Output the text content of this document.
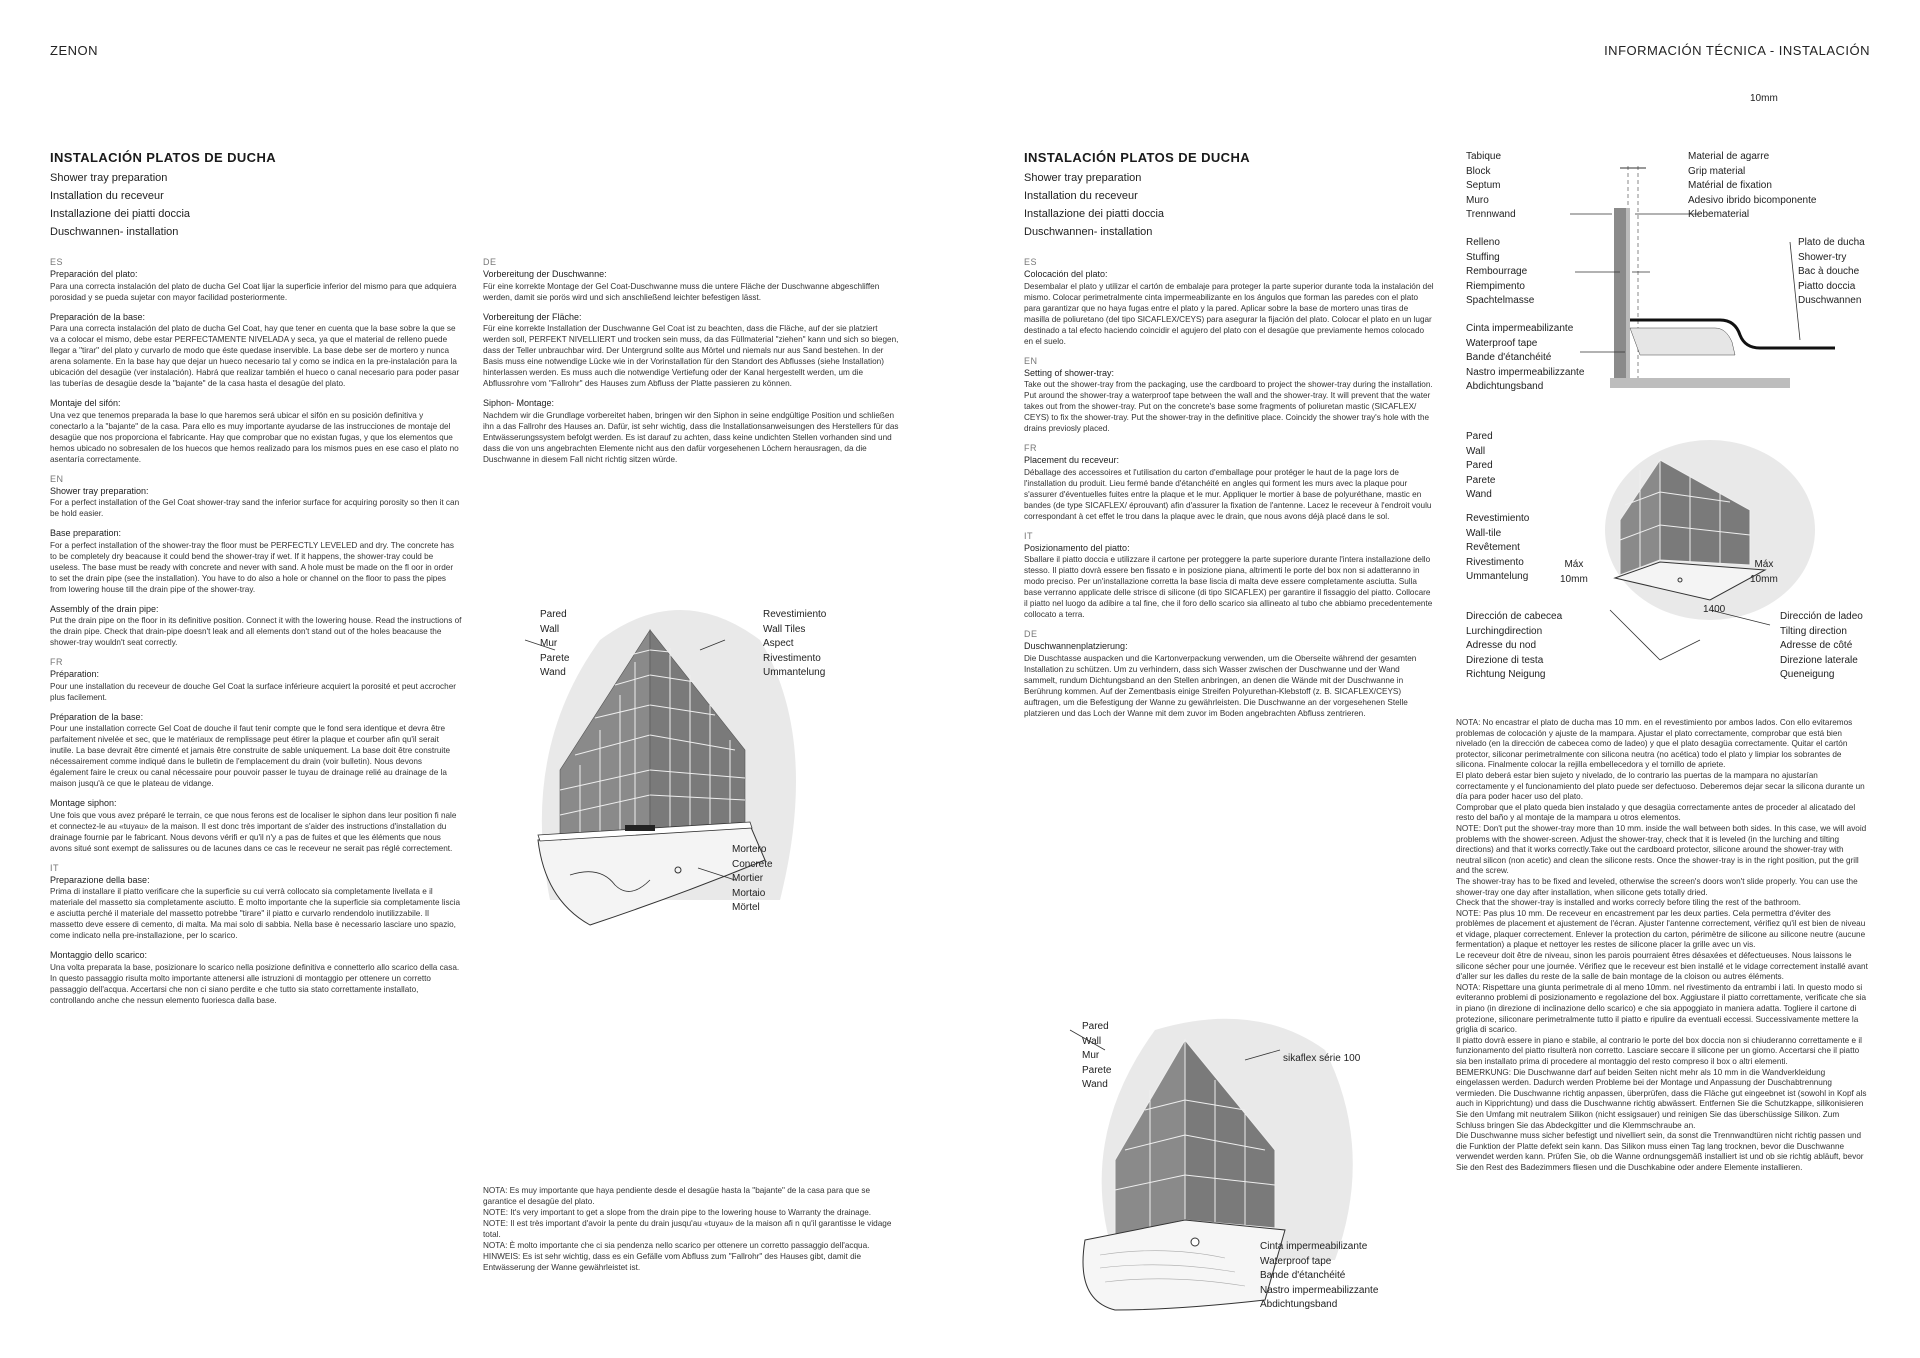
ZENON	INFORMACIÓN TÉCNICA - INSTALACIÓN
INSTALACIÓN PLATOS DE DUCHA
Shower tray preparation
Installation du receveur
Installazione dei piatti doccia
Duschwannen- installation
ES
Preparación del plato:
Para una correcta instalación del plato de ducha Gel Coat lijar la superficie inferior del mismo para que adquiera porosidad y se pueda sujetar con mayor facilidad posteriormente.
Preparación de la base:
Para una correcta instalación del plato de ducha Gel Coat, hay que tener en cuenta que la base sobre la que se va a colocar el mismo, debe estar PERFECTAMENTE NIVELADA y seca, ya que el material de relleno puede llegar a "tirar" del plato y curvarlo de modo que éste quedase inservible. La base debe ser de mortero y nunca arena solamente. En la base hay que dejar un hueco necesario tal y como se indica en la pre-instalación para la ubicación del desagüe (ver instalación). Habrá que realizar también el hueco o canal necesario para poder pasar las tuberías de desagüe desde la "bajante" de la casa hasta el desagüe del plato.
Montaje del sifón:
Una vez que tenemos preparada la base lo que haremos será ubicar el sifón en su posición definitiva y conectarlo a la "bajante" de la casa. Para ello es muy importante ayudarse de las instrucciones de montaje del desagüe que nos proporciona el fabricante. Hay que comprobar que no existan fugas, y que los elementos que hemos ubicado no sobresalen de los huecos que hemos realizado para los mismos pues en ese caso el plato no asentaría correctamente.
EN
Shower tray preparation:
For a perfect installation of the Gel Coat shower-tray sand the inferior surface for acquiring porosity so then it can be hold easier.
Base preparation:
For a perfect installation of the shower-tray the floor must be PERFECTLY LEVELED and dry. The concrete has to be completely dry beacause it could bend the shower-tray if wet. If it happens, the shower-tray could be useless. The base must be ready with concrete and never with sand. A hole must be made on the fl oor in order to set the drain pipe (see the installation). You have to do also a hole or channel on the floor to pass the pipes from lowering house till the drain pipe of the shower-tray.
Assembly of the drain pipe:
Put the drain pipe on the floor in its definitive position. Connect it with the lowering house. Read the instructions of the drain pipe. Check that drain-pipe doesn't leak and all elements don't stand out of the holes beacause the shower-tray wouldn't seat correctly.
FR
Préparation:
Pour une installation du receveur de douche Gel Coat la surface inférieure acquiert la porosité et peut accrocher plus facilement.
Préparation de la base:
Pour une installation correcte Gel Coat de douche il faut tenir compte que le fond sera identique et devra être parfaitement nivelée et sec, que le matériaux de remplissage peut étirer la plaque et courber afin qu'il serait inutile. La base devrait être cimenté et jamais être construite de sable uniquement. La base doit être construite nécessairement comme indiqué dans le bulletin de l'emplacement du drain (voir bulletin). Nous devons également faire le creux ou canal nécessaire pour pouvoir passer le tuyau de drainage relié au drainage de la maison jusqu'à ce que le plateau de vidange.
Montage siphon:
Une fois que vous avez préparé le terrain, ce que nous ferons est de localiser le siphon dans leur position fi nale et connectez-le au «tuyau» de la maison. Il est donc très important de s'aider des instructions d'installation du drainage fournie par le fabricant. Nous devons vérifi er qu'il n'y a pas de fuites et que les éléments que nous avons situé sont exempt de salissures ou de lacunes dans ce cas le receveur ne serait pas réglé correctement.
IT
Preparazione della base:
Prima di installare il piatto verificare che la superficie su cui verrà collocato sia completamente livellata e il materiale del massetto sia completamente asciutto. È molto importante che la superficie sia completamente liscia e asciutta perché il materiale del massetto potrebbe "tirare" il piatto e curvarlo rendendolo inutilizzabile. Il massetto deve essere di cemento, di malta. Ma mai solo di sabbia. Nella base è necessario lasciare uno spazio, come indicato nella pre-installazione, per lo scarico.
Montaggio dello scarico:
Una volta preparata la base, posizionare lo scarico nella posizione definitiva e connetterlo allo scarico della casa. In questo passaggio risulta molto importante attenersi alle istruzioni di montaggio per ottenere un corretto passaggio dell'acqua. Accertarsi che non ci siano perdite e che tutto sia stato correttamente installato, controllando anche che nessun elemento fuoriesca dalla base.
DE
Vorbereitung der Duschwanne:
Für eine korrekte Montage der Gel Coat-Duschwanne muss die untere Fläche der Duschwanne abgeschliffen werden, damit sie porös wird und sich anschließend leichter befestigen lässt.
Vorbereitung der Fläche:
Für eine korrekte Installation der Duschwanne Gel Coat ist zu beachten, dass die Fläche, auf der sie platziert werden soll, PERFEKT NIVELLIERT und trocken sein muss, da das Füllmaterial "ziehen" kann und sich so biegen, dass der Teller unbrauchbar wird. Der Untergrund sollte aus Mörtel und niemals nur aus Sand bestehen. In der Basis muss eine notwendige Lücke wie in der Vorinstallation für den Standort des Abflusses (siehe Installation) hinterlassen werden. Es muss auch die notwendige Vertiefung oder der Kanal hergestellt werden, um die Abflussrohre vom "Fallrohr" des Hauses zum Abfluss der Platte passieren zu können.
Siphon- Montage:
Nachdem wir die Grundlage vorbereitet haben, bringen wir den Siphon in seine endgültige Position und schließen ihn a das Fallrohr des Hauses an. Dafür, ist sehr wichtig, dass die Installationsanweisungen des Herstellers für das Entwässerungssystem befolgt werden. Es ist darauf zu achten, dass keine undichten Stellen vorhanden sind und dass die von uns angebrachten Elemente nicht aus den dafür vorgesehenen Löchern herausragen, da die Duschwanne in diesem Fall nicht richtig sitzen würde.
Pared
Wall
Mur
Parete
Wand
Revestimiento
Wall Tiles
Aspect
Rivestimento
Ummantelung
Mortero
Concrete
Mortier
Mortaio
Mörtel
NOTA: Es muy importante que haya pendiente desde el desagüe hasta la "bajante" de la casa para que se garantice el desagüe del plato.
NOTE: It's very important to get a slope from the drain pipe to the lowering house to Warranty the drainage.
NOTE: Il est très important d'avoir la pente du drain jusqu'au «tuyau» de la maison afi n qu'il garantisse le vidage total.
NOTA: È molto importante che ci sia pendenza nello scarico per ottenere un corretto passaggio dell'acqua.
HINWEIS: Es ist sehr wichtig, dass es ein Gefälle vom Abfluss zum "Fallrohr" des Hauses gibt, damit die Entwässerung der Wanne gewährleistet ist.
INSTALACIÓN PLATOS DE DUCHA
Shower tray preparation
Installation du receveur
Installazione dei piatti doccia
Duschwannen- installation
ES
Colocación del plato:
Desembalar el plato y utilizar el cartón de embalaje para proteger la parte superior durante toda la instalación del mismo. Colocar perimetralmente cinta impermeabilizante en los ángulos que forman las paredes con el plato para garantizar que no haya fugas entre el plato y la pared. Aplicar sobre la base de mortero unas tiras de masilla de poliuretano (del tipo SICAFLEX/CEYS) para asegurar la fijación del plato. Colocar el plato en un lugar destinado a tal efecto haciendo coincidir el agujero del plato con el desagüe que previamente hemos colocado en el suelo.
EN
Setting of shower-tray:
Take out the shower-tray from the packaging, use the cardboard to project the shower-tray during the installation. Put around the shower-tray a waterproof tape between the wall and the shower-tray. It will prevent that the water takes out from the shower-tray. Put on the concrete's base some fragments of poliuretan mastic (SICAFLEX/ CEYS) to fix the shower-tray. Put the shower-tray in the definitive place. Coincidy the shower tray's hole with the drains previosly placed.
FR
Placement du receveur:
Déballage des accessoires et l'utilisation du carton d'emballage pour protéger le haut de la page lors de l'installation du produit. Lieu fermé bande d'étanchéité en angles qui forment les murs avec la plaque pour s'assurer d'éventuelles fuites entre la plaque et le mur. Appliquer le mortier à base de polyuréthane, mastic en bandes (de type SICAFLEX/ éprouvant) afin d'assurer la fixation de l'antenne. Lacez le receveur à l'endroit voulu correspondant à cet effet le trou dans la plaque avec le drain, que nous avons déjà placé dans le sol.
IT
Posizionamento del piatto:
Sballare il piatto doccia e utilizzare il cartone per proteggere la parte superiore durante l'intera installazione dello stesso. Il piatto dovrà essere ben fissato e in posizione piana, altrimenti le porte del box non si adatteranno in modo preciso. Per un'installazione corretta la base liscia di malta deve essere completamente asciutta. Sulla base verranno applicate delle strisce di silicone (di tipo SICAFLEX) per garantire il fissaggio del piatto. Collocare il piatto nel luogo da adibire a tal fine, che il foro dello scarico sia allineato al tubo che abbiamo precedentemente collocato a terra.
DE
Duschwannenplatzierung:
Die Duschtasse auspacken und die Kartonverpackung verwenden, um die Oberseite während der gesamten Installation zu schützen. Um zu verhindern, dass sich Wasser zwischen der Duschwanne und der Wand sammelt, rundum Dichtungsband an den Stellen anbringen, an denen die Wände mit der Duschwanne in Berührung kommen. Auf der Zementbasis einige Streifen Polyurethan-Klebstoff (z. B. SICAFLEX/CEYS) auftragen, um die Befestigung der Wanne zu gewährleisten. Die Duschwanne an der vorgesehenen Stelle platzieren und das Loch der Wanne mit dem zuvor im Boden angebrachten Abfluss zentrieren.
10mm
Tabique
Block
Septum
Muro
Trennwand
Relleno
Stuffing
Rembourrage
Riempimento
Spachtelmasse
Cinta impermeabilizante
Waterproof tape
Bande d'étanchéité
Nastro impermeabilizzante
Abdichtungsband
Material de agarre
Grip material
Matérial de fixation
Adesivo ibrido bicomponente
Klebematerial
Plato de ducha
Shower-try
Bac à douche
Piatto doccia
Duschwannen
Pared
Wall
Pared
Parete
Wand
Revestimiento
Wall-tile
Revêtement
Rivestimento
Ummantelung
Máx
10mm
Máx
10mm
1400
Dirección de cabecea
Lurchingdirection
Adresse du nod
Direzione di testa
Richtung Neigung
Dirección de ladeo
Tilting direction
Adresse de côté
Direzione laterale
Queneigung
Pared
Wall
Mur
Parete
Wand
sikaflex série 100
Cinta impermeabilizante
Waterproof tape
Bande d'étanchéité
Nastro impermeabilizzante
Abdichtungsband
NOTA: No encastrar el plato de ducha mas 10 mm. en el revestimiento por ambos lados. Con ello evitaremos problemas de colocación y ajuste de la mampara. Ajustar el plato correctamente, comprobar que está bien nivelado (en la dirección de cabecea como de ladeo) y que el plato desagüa correctamente. Quitar el cartón protector, siliconar perimetralmente con silicona neutra (no acética) todo el plato y limpiar los sobrantes de silicona. Finalmente colocar la rejilla embellecedora y el tornillo de apriete.
El plato deberá estar bien sujeto y nivelado, de lo contrario las puertas de la mampara no ajustarían correctamente y el funcionamiento del plato puede ser defectuoso. Deberemos dejar secar la silicona durante un día para poder hacer uso del plato.
Comprobar que el plato queda bien instalado y que desagüa correctamente antes de proceder al alicatado del resto del baño y al montaje de la mampara u otros elementos.
NOTE: Don't put the shower-tray more than 10 mm. inside the wall between both sides. In this case, we will avoid problems with the shower-screen. Adjust the shower-tray, check that it is leveled (in the lurching and tilting directions) and that it works correctly.Take out the cardboard protector, silicone around the shower-tray with neutral silicon (non acetic) and clean the silicone rests. Once the shower-tray is in the right position, put the grill and the screw.
The shower-tray has to be fixed and leveled, otherwise the screen's doors won't slide properly. You can use the shower-tray one day after installation, when silicone gets totally dried.
Check that the shower-tray is installed and works correcly before tiling the rest of the bathroom.
NOTE: Pas plus 10 mm. De receveur en encastrement par les deux parties. Cela permettra d'éviter des problèmes de placement et ajustement de l'écran. Ajuster l'antenne correctement, vérifiez qu'il est bien de niveau et vidage, plaquer correctement. Enlever la protection du carton, périmètre de silicone au silicone neutre (aucune fermentation) a plaque et nettoyer les restes de silicone placer la grille avec un vis.
Le receveur doit être de niveau, sinon les parois pourraient êtres désaxées et défectueuses. Nous laissons le silicone sécher pour une journée. Vérifiez que le receveur est bien installé et le vidage correctement installé avant d'aller sur les dalles du reste de la salle de bain montage de la cloison ou autres éléments.
NOTA: Rispettare una giunta perimetrale di al meno 10mm. nel rivestimento da entrambi i lati. In questo modo si eviteranno problemi di posizionamento e regolazione del box. Aggiustare il piatto correttamente, verificate che sia in piano (in direzione di inclinazione dello scarico) e che sia appoggiato in maniera adatta. Togliere il cartone di protezione, siliconare perimetralmente tutto il piatto e ripulire da eventuali eccessi. Successivamente mettere la griglia di scarico.
Il piatto dovrà essere in piano e stabile, al contrario le porte del box doccia non si chiuderanno correttamente e il funzionamento del piatto risulterà non corretto. Lasciare seccare il silicone per un giorno. Accertarsi che il piatto sia ben installato prima di procedere al montaggio del resto compreso il box o altri elementi.
BEMERKUNG: Die Duschwanne darf auf beiden Seiten nicht mehr als 10 mm in die Wandverkleidung eingelassen werden. Dadurch werden Probleme bei der Montage und Anpassung der Duschabtrennung vermieden. Die Duschwanne richtig anpassen, überprüfen, dass die Fläche gut eingeebnet ist (sowohl in Kopf als auch in Kipprichtung) und dass die Duschwanne richtig abwässert. Entfernen Sie die Schutzkappe, silikonisieren Sie den Umfang mit neutralem Silikon (nicht essigsauer) und reinigen Sie das überschüssige Silikon. Zum Schluss bringen Sie das Abdeckgitter und die Klemmschraube an.
Die Duschwanne muss sicher befestigt und nivelliert sein, da sonst die Trennwandtüren nicht richtig passen und die Funktion der Platte defekt sein kann. Das Silikon muss einen Tag lang trocknen, bevor die Duschwanne verwendet werden kann. Prüfen Sie, ob die Wanne ordnungsgemäß installiert ist und ob sie richtig abläuft, bevor Sie den Rest des Badezimmers fliesen und die Duschkabine oder andere Elemente installieren.
